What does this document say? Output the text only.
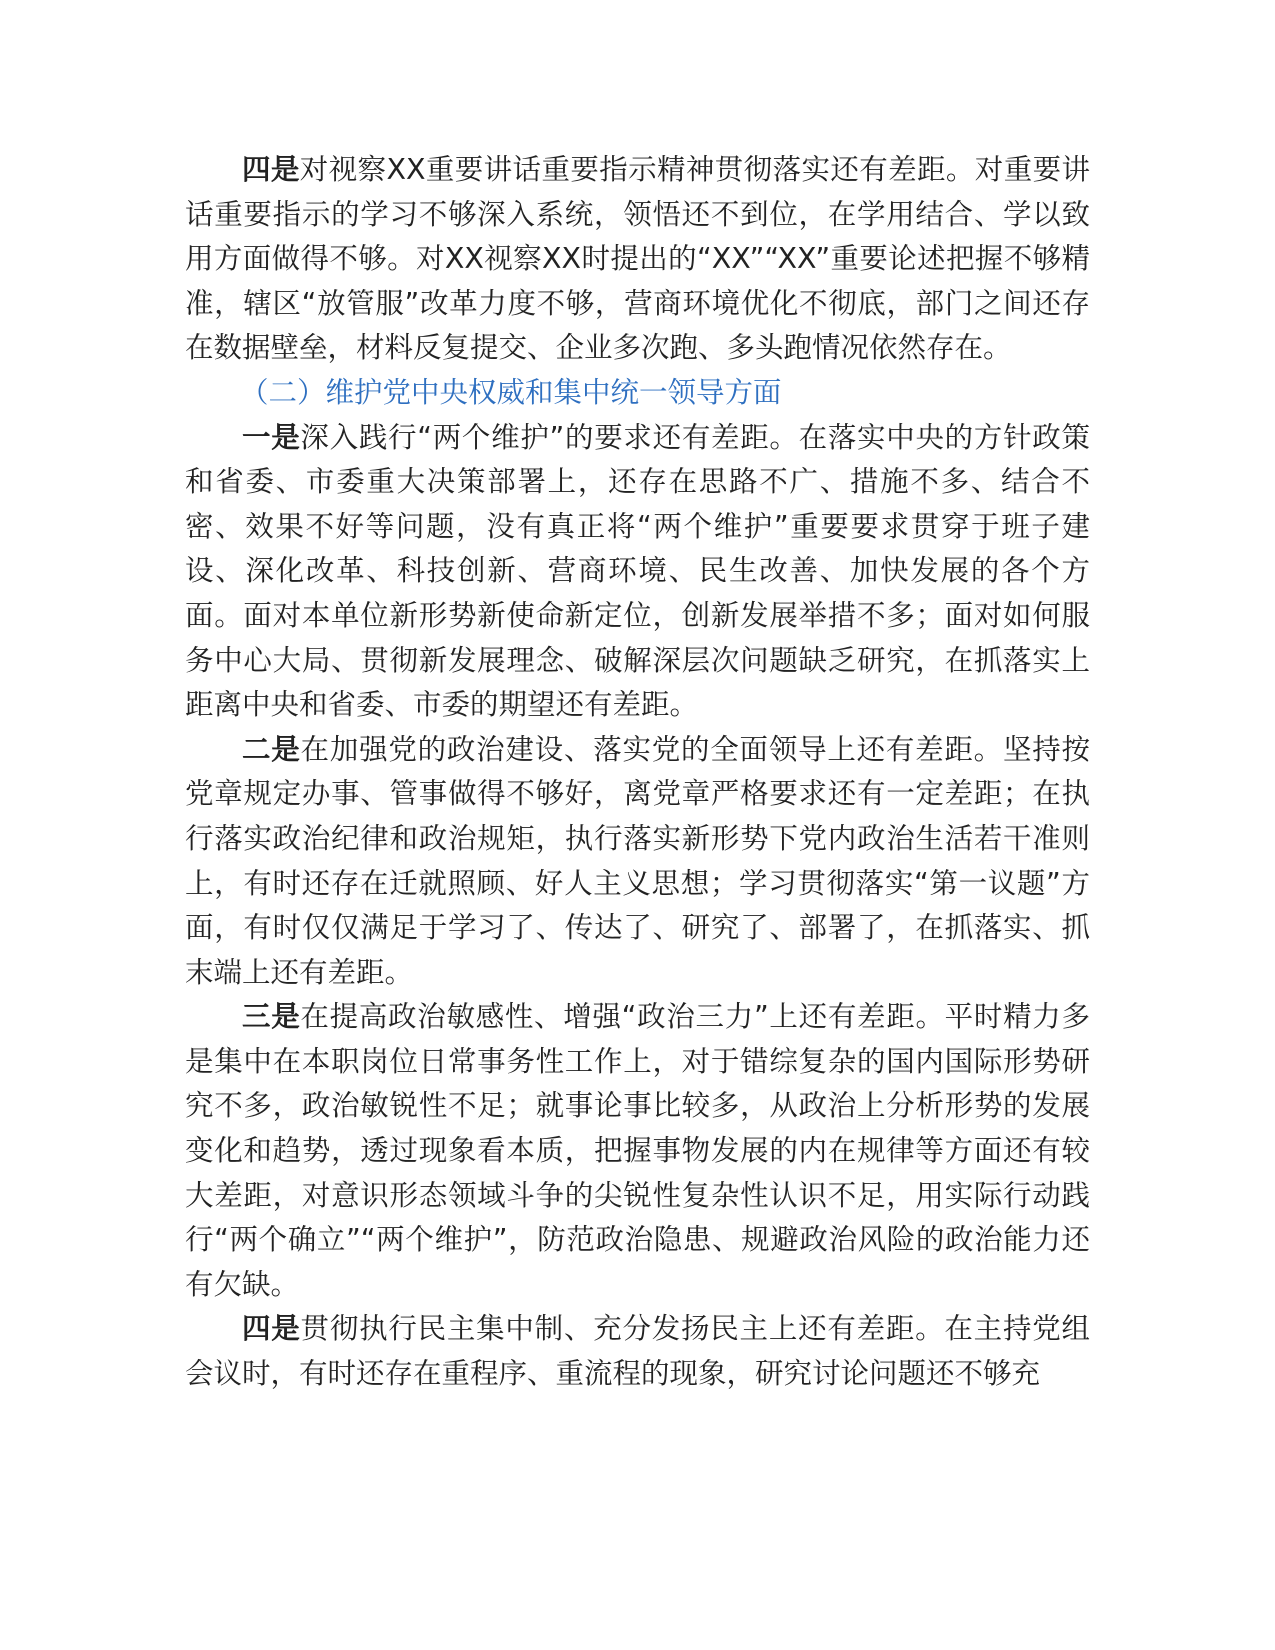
四是对视察XX重要讲话重要指示精神贯彻落实还有差距。对重要讲话重要指示的学习不够深入系统，领悟还不到位，在学用结合、学以致用方面做得不够。对XX视察XX时提出的“XX”“XX”重要论述把握不够精准，辖区“放管服”改革力度不够，营商环境优化不彻底，部门之间还存在数据壁垒，材料反复提交、企业多次跑、多头跑情况依然存在。

（二）维护党中央权威和集中统一领导方面

一是深入践行“两个维护”的要求还有差距。在落实中央的方针政策和省委、市委重大决策部署上，还存在思路不广、措施不多、结合不密、效果不好等问题，没有真正将“两个维护”重要要求贯穿于班子建设、深化改革、科技创新、营商环境、民生改善、加快发展的各个方面。面对本单位新形势新使命新定位，创新发展举措不多；面对如何服务中心大局、贯彻新发展理念、破解深层次问题缺乏研究，在抓落实上距离中央和省委、市委的期望还有差距。

二是在加强党的政治建设、落实党的全面领导上还有差距。坚持按党章规定办事、管事做得不够好，离党章严格要求还有一定差距；在执行落实政治纪律和政治规矩，执行落实新形势下党内政治生活若干准则上，有时还存在迁就照顾、好人主义思想；学习贯彻落实“第一议题”方面，有时仅仅满足于学习了、传达了、研究了、部署了，在抓落实、抓末端上还有差距。

三是在提高政治敏感性、增强“政治三力”上还有差距。平时精力多是集中在本职岗位日常事务性工作上，对于错综复杂的国内国际形势研究不多，政治敏锐性不足；就事论事比较多，从政治上分析形势的发展变化和趋势，透过现象看本质，把握事物发展的内在规律等方面还有较大差距，对意识形态领域斗争的尖锐性复杂性认识不足，用实际行动践行“两个确立”“两个维护”，防范政治隐患、规避政治风险的政治能力还有欠缺。

四是贯彻执行民主集中制、充分发扬民主上还有差距。在主持党组会议时，有时还存在重程序、重流程的现象，研究讨论问题还不够充
